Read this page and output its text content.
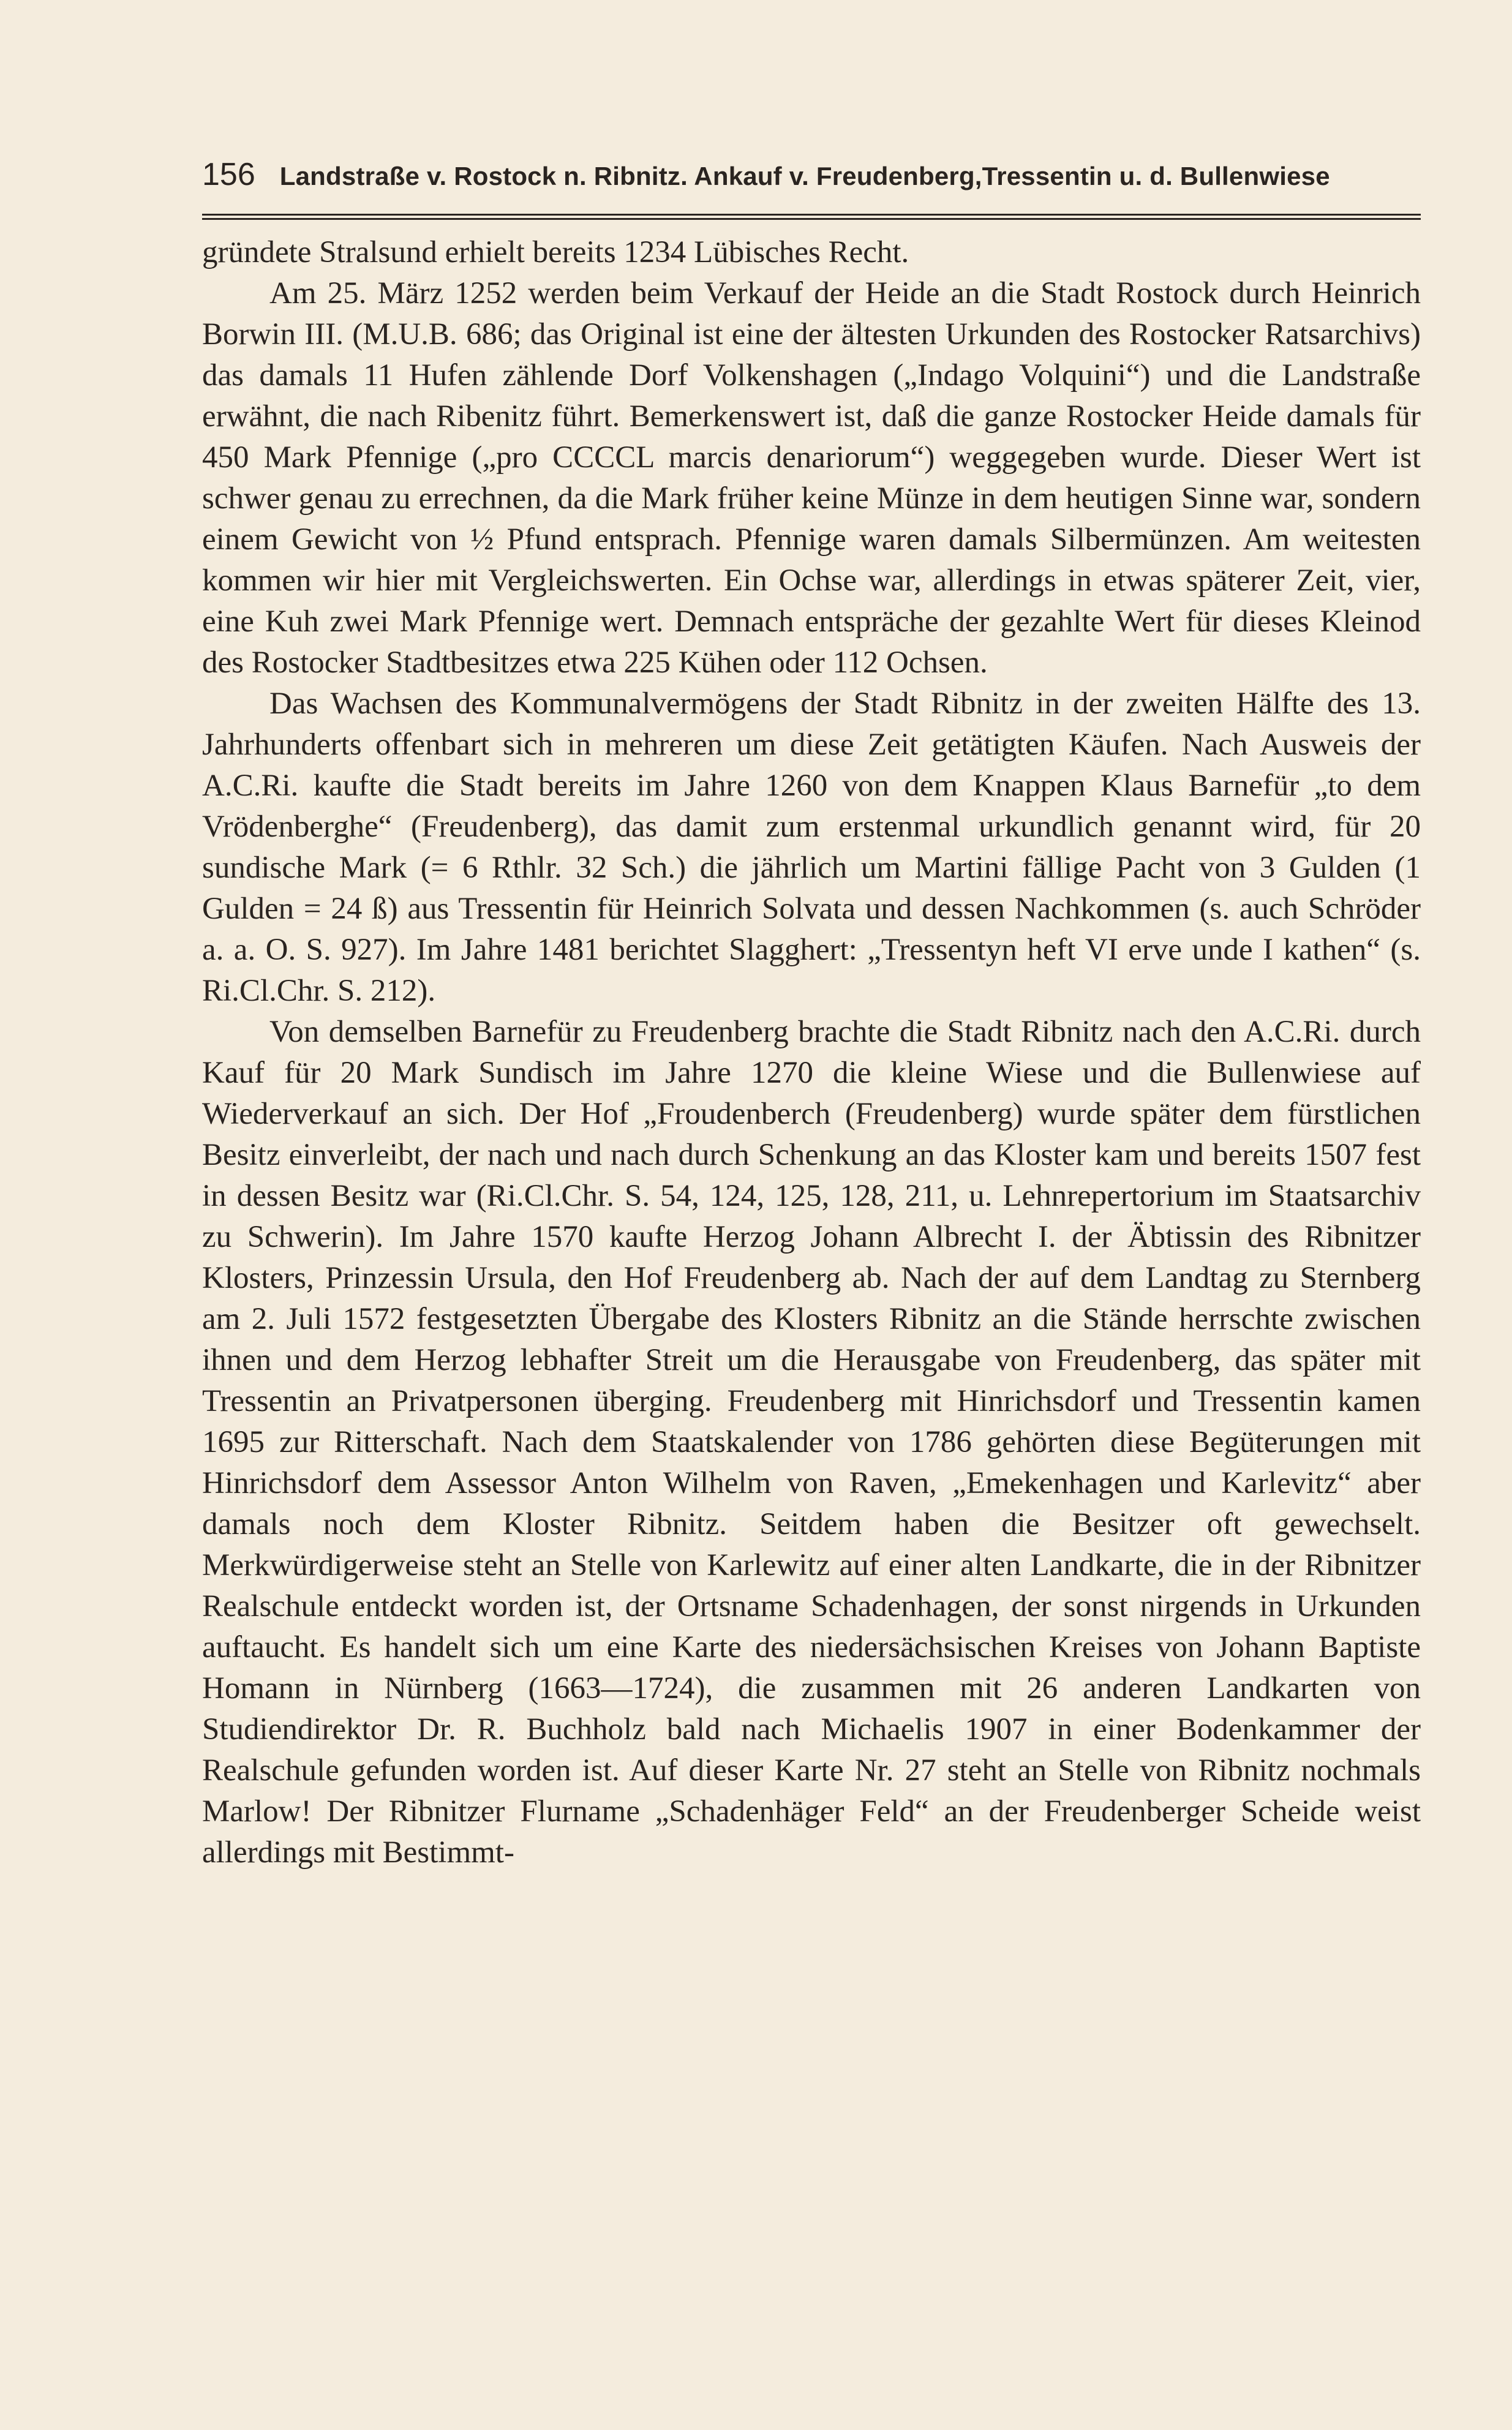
156 Landstraße v. Rostock n. Ribnitz. Ankauf v. Freudenberg,Tressentin u. d. Bullenwiese

gründete Stralsund erhielt bereits 1234 Lübisches Recht.

Am 25. März 1252 werden beim Verkauf der Heide an die Stadt Rostock durch Heinrich Borwin III. (M.U.B. 686; das Original ist eine der ältesten Urkunden des Rostocker Ratsarchivs) das damals 11 Hufen zählende Dorf Volkenshagen („Indago Volquini“) und die Landstraße erwähnt, die nach Ribenitz führt. Bemerkenswert ist, daß die ganze Rostocker Heide damals für 450 Mark Pfennige („pro CCCCL marcis denariorum“) weggegeben wurde. Dieser Wert ist schwer genau zu errechnen, da die Mark früher keine Münze in dem heutigen Sinne war, sondern einem Gewicht von ½ Pfund entsprach. Pfennige waren damals Silbermünzen. Am weitesten kommen wir hier mit Vergleichswerten. Ein Ochse war, allerdings in etwas späterer Zeit, vier, eine Kuh zwei Mark Pfennige wert. Demnach entspräche der gezahlte Wert für dieses Kleinod des Rostocker Stadtbesitzes etwa 225 Kühen oder 112 Ochsen.

Das Wachsen des Kommunalvermögens der Stadt Ribnitz in der zweiten Hälfte des 13. Jahrhunderts offenbart sich in mehreren um diese Zeit getätigten Käufen. Nach Ausweis der A.C.Ri. kaufte die Stadt bereits im Jahre 1260 von dem Knappen Klaus Barnefür „to dem Vrödenberghe“ (Freudenberg), das damit zum erstenmal urkundlich genannt wird, für 20 sundische Mark (= 6 Rthlr. 32 Sch.) die jährlich um Martini fällige Pacht von 3 Gulden (1 Gulden = 24 ß) aus Tressentin für Heinrich Solvata und dessen Nachkommen (s. auch Schröder a. a. O. S. 927). Im Jahre 1481 berichtet Slagghert: „Tressentyn heft VI erve unde I kathen“ (s. Ri.Cl.Chr. S. 212).

Von demselben Barnefür zu Freudenberg brachte die Stadt Ribnitz nach den A.C.Ri. durch Kauf für 20 Mark Sundisch im Jahre 1270 die kleine Wiese und die Bullenwiese auf Wiederverkauf an sich. Der Hof „Froudenberch (Freudenberg) wurde später dem fürstlichen Besitz einverleibt, der nach und nach durch Schenkung an das Kloster kam und bereits 1507 fest in dessen Besitz war (Ri.Cl.Chr. S. 54, 124, 125, 128, 211, u. Lehnrepertorium im Staatsarchiv zu Schwerin). Im Jahre 1570 kaufte Herzog Johann Albrecht I. der Äbtissin des Ribnitzer Klosters, Prinzessin Ursula, den Hof Freudenberg ab. Nach der auf dem Landtag zu Sternberg am 2. Juli 1572 festgesetzten Übergabe des Klosters Ribnitz an die Stände herrschte zwischen ihnen und dem Herzog lebhafter Streit um die Herausgabe von Freudenberg, das später mit Tressentin an Privatpersonen überging. Freudenberg mit Hinrichsdorf und Tressentin kamen 1695 zur Ritterschaft. Nach dem Staatskalender von 1786 gehörten diese Begüterungen mit Hinrichsdorf dem Assessor Anton Wilhelm von Raven, „Emekenhagen und Karlevitz“ aber damals noch dem Kloster Ribnitz. Seitdem haben die Besitzer oft gewechselt. Merkwürdigerweise steht an Stelle von Karlewitz auf einer alten Landkarte, die in der Ribnitzer Realschule entdeckt worden ist, der Ortsname Schadenhagen, der sonst nirgends in Urkunden auftaucht. Es handelt sich um eine Karte des niedersächsischen Kreises von Johann Baptiste Homann in Nürnberg (1663—1724), die zusammen mit 26 anderen Landkarten von Studiendirektor Dr. R. Buchholz bald nach Michaelis 1907 in einer Bodenkammer der Realschule gefunden worden ist. Auf dieser Karte Nr. 27 steht an Stelle von Ribnitz nochmals Marlow! Der Ribnitzer Flurname „Schadenhäger Feld“ an der Freudenberger Scheide weist allerdings mit Bestimmt-
